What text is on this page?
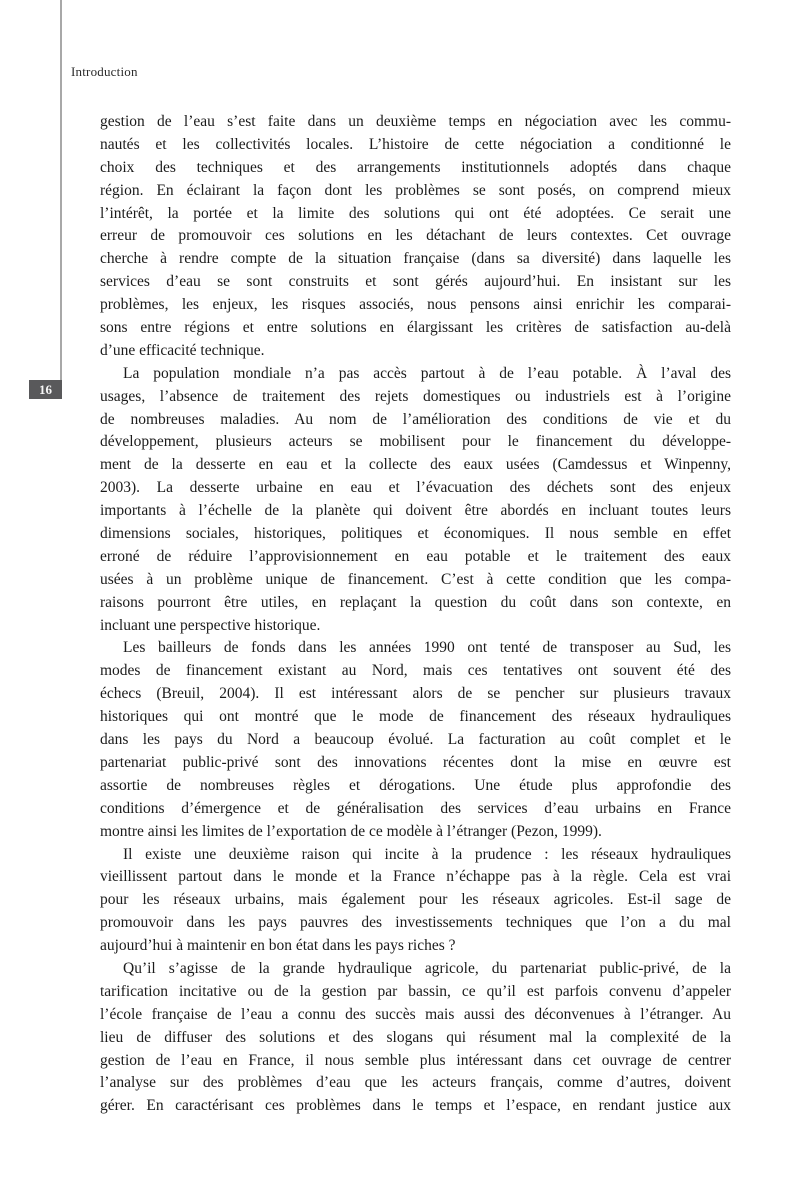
16
Introduction
gestion de l’eau s’est faite dans un deuxième temps en négociation avec les commu-
nautés et les collectivités locales. L’histoire de cette négociation a conditionné le
choix des techniques et des arrangements institutionnels adoptés dans chaque
région. En éclairant la façon dont les problèmes se sont posés, on comprend mieux
l’intérêt, la portée et la limite des solutions qui ont été adoptées. Ce serait une
erreur de promouvoir ces solutions en les détachant de leurs contextes. Cet ouvrage
cherche à rendre compte de la situation française (dans sa diversité) dans laquelle les
services d’eau se sont construits et sont gérés aujourd’hui. En insistant sur les
problèmes, les enjeux, les risques associés, nous pensons ainsi enrichir les comparai-
sons entre régions et entre solutions en élargissant les critères de satisfaction au-delà
d’une efficacité technique.
La population mondiale n’a pas accès partout à de l’eau potable. À l’aval des
usages, l’absence de traitement des rejets domestiques ou industriels est à l’origine
de nombreuses maladies. Au nom de l’amélioration des conditions de vie et du
développement, plusieurs acteurs se mobilisent pour le financement du développe-
ment de la desserte en eau et la collecte des eaux usées (Camdessus et Winpenny,
2003). La desserte urbaine en eau et l’évacuation des déchets sont des enjeux
importants à l’échelle de la planète qui doivent être abordés en incluant toutes leurs
dimensions sociales, historiques, politiques et économiques. Il nous semble en effet
erroné de réduire l’approvisionnement en eau potable et le traitement des eaux
usées à un problème unique de financement. C’est à cette condition que les compa-
raisons pourront être utiles, en replaçant la question du coût dans son contexte, en
incluant une perspective historique.
Les bailleurs de fonds dans les années 1990 ont tenté de transposer au Sud, les
modes de financement existant au Nord, mais ces tentatives ont souvent été des
échecs (Breuil, 2004). Il est intéressant alors de se pencher sur plusieurs travaux
historiques qui ont montré que le mode de financement des réseaux hydrauliques
dans les pays du Nord a beaucoup évolué. La facturation au coût complet et le
partenariat public-privé sont des innovations récentes dont la mise en œuvre est
assortie de nombreuses règles et dérogations. Une étude plus approfondie des
conditions d’émergence et de généralisation des services d’eau urbains en France
montre ainsi les limites de l’exportation de ce modèle à l’étranger (Pezon, 1999).
Il existe une deuxième raison qui incite à la prudence : les réseaux hydrauliques
vieillissent partout dans le monde et la France n’échappe pas à la règle. Cela est vrai
pour les réseaux urbains, mais également pour les réseaux agricoles. Est-il sage de
promouvoir dans les pays pauvres des investissements techniques que l’on a du mal
aujourd’hui à maintenir en bon état dans les pays riches ?
Qu’il s’agisse de la grande hydraulique agricole, du partenariat public-privé, de la
tarification incitative ou de la gestion par bassin, ce qu’il est parfois convenu d’appeler
l’école française de l’eau a connu des succès mais aussi des déconvenues à l’étranger. Au
lieu de diffuser des solutions et des slogans qui résument mal la complexité de la
gestion de l’eau en France, il nous semble plus intéressant dans cet ouvrage de centrer
l’analyse sur des problèmes d’eau que les acteurs français, comme d’autres, doivent
gérer. En caractérisant ces problèmes dans le temps et l’espace, en rendant justice aux
